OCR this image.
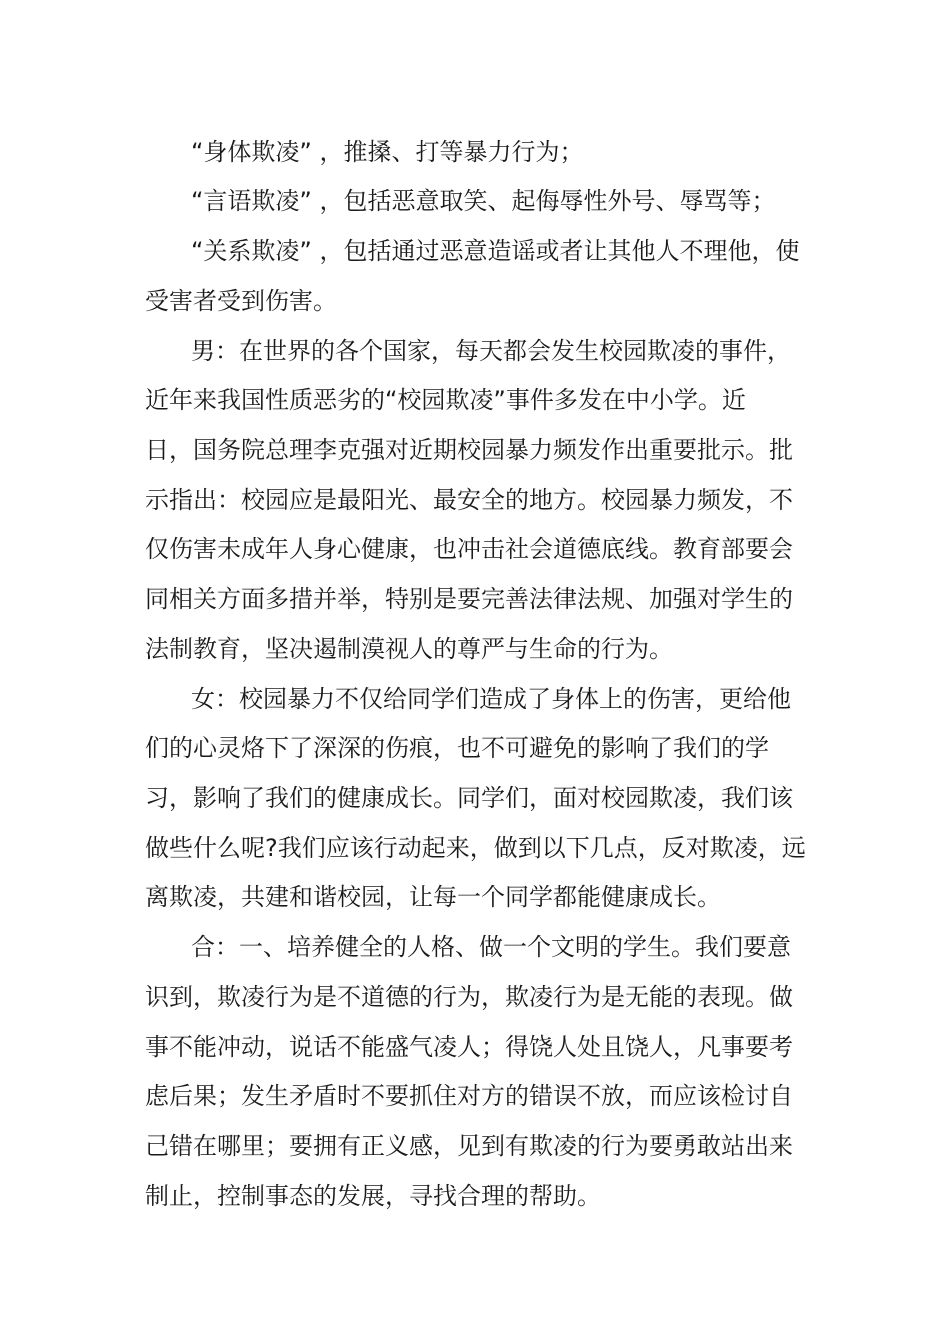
“身体欺凌” ，推搡、打等暴力行为；
“言语欺凌” ，包括恶意取笑、起侮辱性外号、辱骂等；
“关系欺凌” ，包括通过恶意造谣或者让其他人不理他，使
受害者受到伤害。
男：在世界的各个国家，每天都会发生校园欺凌的事件，
近年来我国性质恶劣的“校园欺凌”事件多发在中小学。近
日，国务院总理李克强对近期校园暴力频发作出重要批示。批
示指出：校园应是最阳光、最安全的地方。校园暴力频发，不
仅伤害未成年人身心健康，也冲击社会道德底线。教育部要会
同相关方面多措并举，特别是要完善法律法规、加强对学生的
法制教育，坚决遏制漠视人的尊严与生命的行为。
女：校园暴力不仅给同学们造成了身体上的伤害，更给他
们的心灵烙下了深深的伤痕，也不可避免的影响了我们的学
习，影响了我们的健康成长。同学们，面对校园欺凌，我们该
做些什么呢?我们应该行动起来，做到以下几点，反对欺凌，远
离欺凌，共建和谐校园，让每一个同学都能健康成长。
合：一、培养健全的人格、做一个文明的学生。我们要意
识到，欺凌行为是不道德的行为，欺凌行为是无能的表现。做
事不能冲动，说话不能盛气凌人；得饶人处且饶人，凡事要考
虑后果；发生矛盾时不要抓住对方的错误不放，而应该检讨自
己错在哪里；要拥有正义感，见到有欺凌的行为要勇敢站出来
制止，控制事态的发展，寻找合理的帮助。
